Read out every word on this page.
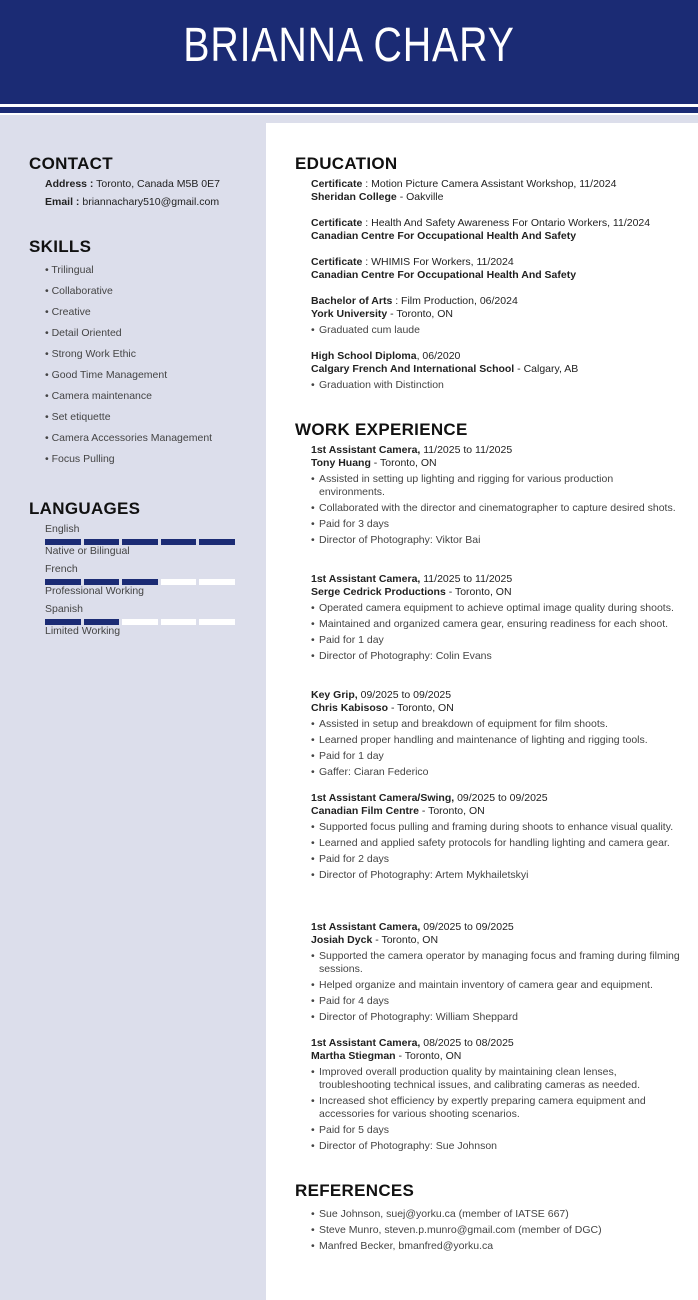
BRIANNA CHARY
CONTACT
Address : Toronto, Canada M5B 0E7
Email : briannachary510@gmail.com
SKILLS
• Trilingual
• Collaborative
• Creative
• Detail Oriented
• Strong Work Ethic
• Good Time Management
• Camera maintenance
• Set etiquette
• Camera Accessories Management
• Focus Pulling
LANGUAGES
English
Native or Bilingual
French
Professional Working
Spanish
Limited Working
EDUCATION
Certificate : Motion Picture Camera Assistant Workshop, 11/2024
Sheridan College - Oakville
Certificate : Health And Safety Awareness For Ontario Workers, 11/2024
Canadian Centre For Occupational Health And Safety
Certificate : WHIMIS For Workers, 11/2024
Canadian Centre For Occupational Health And Safety
Bachelor of Arts : Film Production, 06/2024
York University - Toronto, ON
• Graduated cum laude
High School Diploma, 06/2020
Calgary French And International School - Calgary, AB
• Graduation with Distinction
WORK EXPERIENCE
1st Assistant Camera, 11/2025 to 11/2025
Tony Huang - Toronto, ON
• Assisted in setting up lighting and rigging for various production environments.
• Collaborated with the director and cinematographer to capture desired shots.
• Paid for 3 days
• Director of Photography: Viktor Bai
1st Assistant Camera, 11/2025 to 11/2025
Serge Cedrick Productions - Toronto, ON
• Operated camera equipment to achieve optimal image quality during shoots.
• Maintained and organized camera gear, ensuring readiness for each shoot.
• Paid for 1 day
• Director of Photography: Colin Evans
Key Grip, 09/2025 to 09/2025
Chris Kabisoso - Toronto, ON
• Assisted in setup and breakdown of equipment for film shoots.
• Learned proper handling and maintenance of lighting and rigging tools.
• Paid for 1 day
• Gaffer: Ciaran Federico
1st Assistant Camera/Swing, 09/2025 to 09/2025
Canadian Film Centre - Toronto, ON
• Supported focus pulling and framing during shoots to enhance visual quality.
• Learned and applied safety protocols for handling lighting and camera gear.
• Paid for 2 days
• Director of Photography: Artem Mykhailetskyi
1st Assistant Camera, 09/2025 to 09/2025
Josiah Dyck - Toronto, ON
• Supported the camera operator by managing focus and framing during filming sessions.
• Helped organize and maintain inventory of camera gear and equipment.
• Paid for 4 days
• Director of Photography: William Sheppard
1st Assistant Camera, 08/2025 to 08/2025
Martha Stiegman - Toronto, ON
• Improved overall production quality by maintaining clean lenses, troubleshooting technical issues, and calibrating cameras as needed.
• Increased shot efficiency by expertly preparing camera equipment and accessories for various shooting scenarios.
• Paid for 5 days
• Director of Photography: Sue Johnson
REFERENCES
• Sue Johnson, suej@yorku.ca (member of IATSE 667)
• Steve Munro, steven.p.munro@gmail.com (member of DGC)
• Manfred Becker, bmanfred@yorku.ca
